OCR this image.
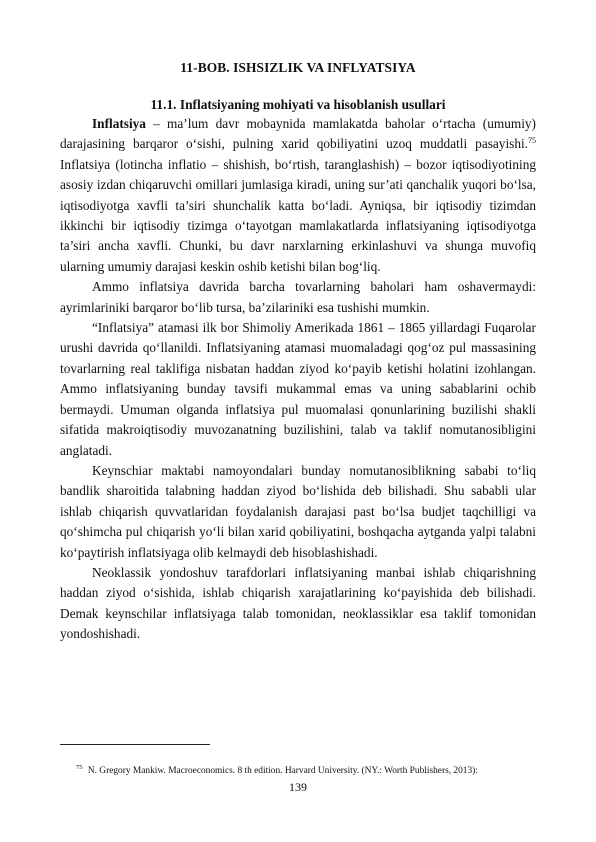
11-BOB. ISHSIZLIK VA INFLYATSIYA
11.1. Inflatsiyaning mohiyati va hisoblanish usullari

Inflatsiya – ma’lum davr mobaynida mamlakatda baholar o‘rtacha (umumiy) darajasining barqaror o‘sishi, pulning xarid qobiliyatini uzoq muddatli pasayishi.$^{75}$ Inflatsiya (lotincha inflatio – shishish, bo‘rtish, taranglashish) – bozor iqtisodiyotining asosiy izdan chiqaruvchi omillari jumlasiga kiradi, uning sur’ati qanchalik yuqori bo‘lsa, iqtisodiyotga xavfli ta’siri shunchalik katta bo‘ladi. Ayniqsa, bir iqtisodiy tizimdan ikkinchi bir iqtisodiy tizimga o‘tayotgan mamlakatlarda inflatsiyaning iqtisodiyotga ta’siri ancha xavfli. Chunki, bu davr narxlarning erkinlashuvi va shunga muvofiq ularning umumiy darajasi keskin oshib ketishi bilan bog‘liq.

Ammo inflatsiya davrida barcha tovarlarning baholari ham oshavermaydi: ayrimlariniki barqaror bo‘lib tursa, ba’zilariniki esa tushishi mumkin.

“Inflatsiya” atamasi ilk bor Shimoliy Amerikada 1861 – 1865 yillardagi Fuqarolar urushi davrida qo‘llanildi. Inflatsiyaning atamasi muomaladagi qog‘oz pul massasining tovarlarning real taklifiga nisbatan haddan ziyod ko‘payib ketishi holatini izohlangan. Ammo inflatsiyaning bunday tavsifi mukammal emas va uning sabablarini ochib bermaydi. Umuman olganda inflatsiya pul muomalasi qonunlarining buzilishi shakli sifatida makroiqtisodiy muvozanatning buzilishini, talab va taklif nomutanosibligini anglatadi.

Keynschiar maktabi namoyondalari bunday nomutanosiblikning sababi to‘liq bandlik sharoitida talabning haddan ziyod bo‘lishida deb bilishadi. Shu sababli ular ishlab chiqarish quvvatlaridan foydalanish darajasi past bo‘lsa budjet taqchilligi va qo‘shimcha pul chiqarish yo‘li bilan xarid qobiliyatini, boshqacha aytganda yalpi talabni ko‘paytirish inflatsiyaga olib kelmaydi deb hisoblashishadi.

Neoklassik yondoshuv tarafdorlari inflatsiyaning manbai ishlab chiqarishning haddan ziyod o‘sishida, ishlab chiqarish xarajatlarining ko‘payishida deb bilishadi. Demak keynschilar inflatsiyaga talab tomonidan, neoklassiklar esa taklif tomonidan yondoshishadi.

$^{75}$ N. Gregory Mankiw. Macroeconomics. 8 th edition. Harvard University. (NY.: Worth Publishers, 2013):
139
